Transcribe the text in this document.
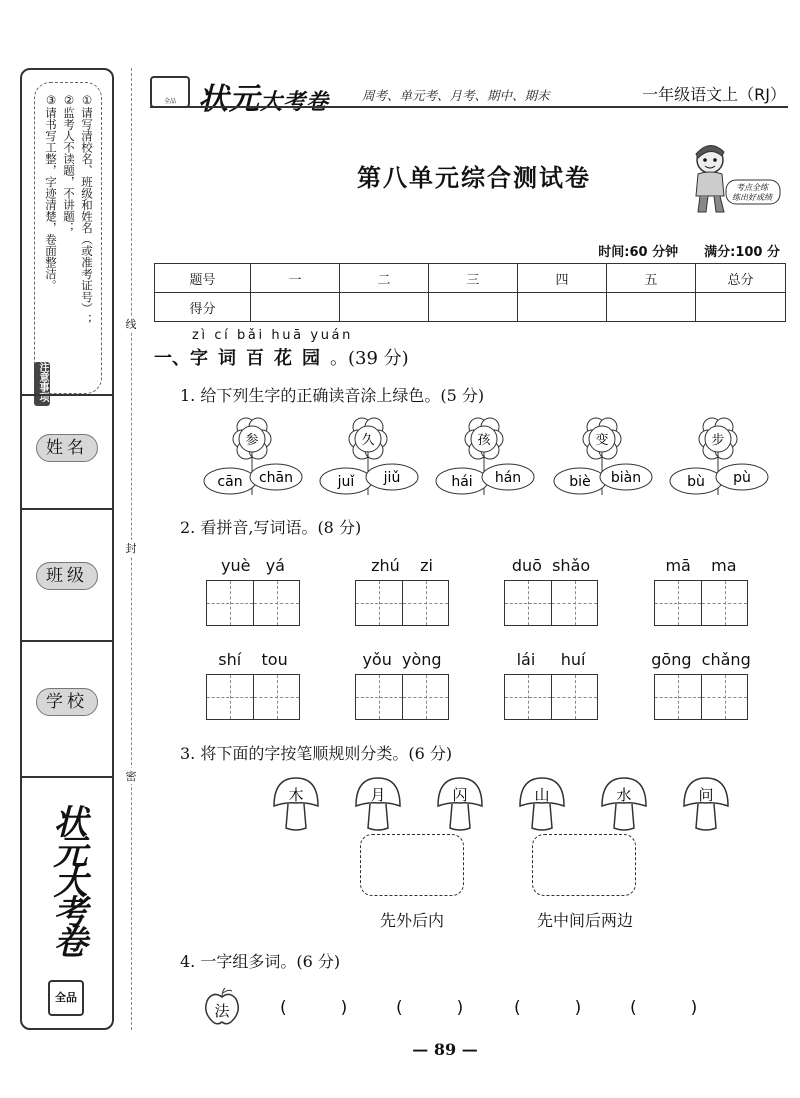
①请写清校名、班级和姓名（或准考证号）；
②监考人不读题，不讲题；
③请书写工整，字迹清楚，卷面整洁。
注意事项
姓名
班级
学校
状元大考卷
全品
线
封
密
全品 状元大考卷	周考、单元考、月考、期中、期末	一年级语文上（RJ）
第八单元综合测试卷	考点全练
练出好成绩
时间:60 分钟 满分:100 分
题号	一	二	三	四	五	总分
得分						
zì cí bǎi huā yuán
一、字词百花园。(39 分)
1. 给下列生字的正确读音涂上绿色。(5 分)
参
cān chān
久
juǐ jiǔ
孩
hái hán
变
biè biàn
步
bù pù
2. 看拼音,写词语。(8 分)
yuè   yá	zhú    zi	duō  shǎo	mā    ma
shí    tou	yǒu  yòng	lái     huí	gōng  chǎng
3. 将下面的字按笔顺规则分类。(6 分)
木	月	闪	山	水	问
先外后内	先中间后两边
4. 一字组多词。(6 分)
法	(          )	(          )	(          )	(          )
— 89 —
